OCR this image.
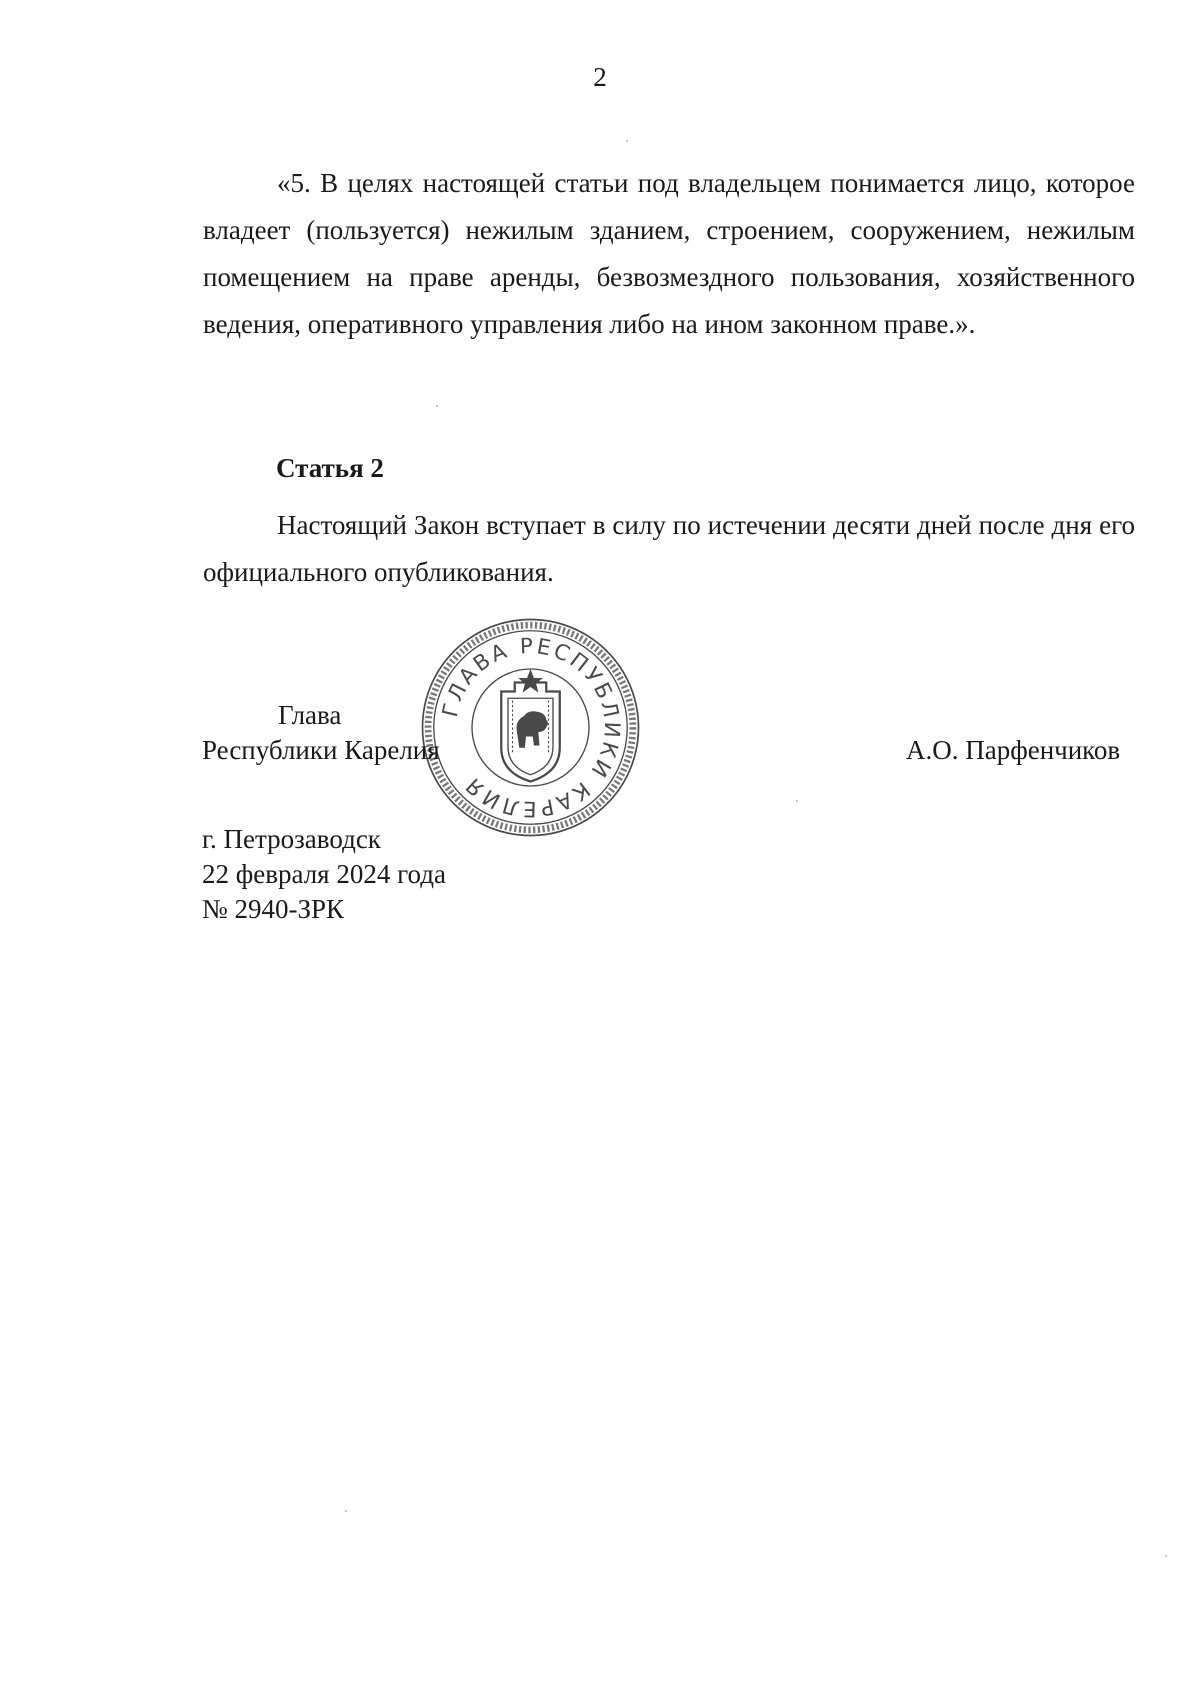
2
«5. В целях настоящей статьи под владельцем понимается лицо, которое владеет (пользуется) нежилым зданием, строением, сооружением, нежилым помещением на праве аренды, безвозмездного пользования, хозяйственного ведения, оперативного управления либо на ином законном праве.».
Статья 2
Настоящий Закон вступает в силу по истечении десяти дней после дня его официального опубликования.
ГЛАВА РЕСПУБЛИКИ КАРЕЛИЯ
Глава
Республики Карелия	А.О. Парфенчиков
г. Петрозаводск
22 февраля 2024 года
№ 2940-ЗРК
